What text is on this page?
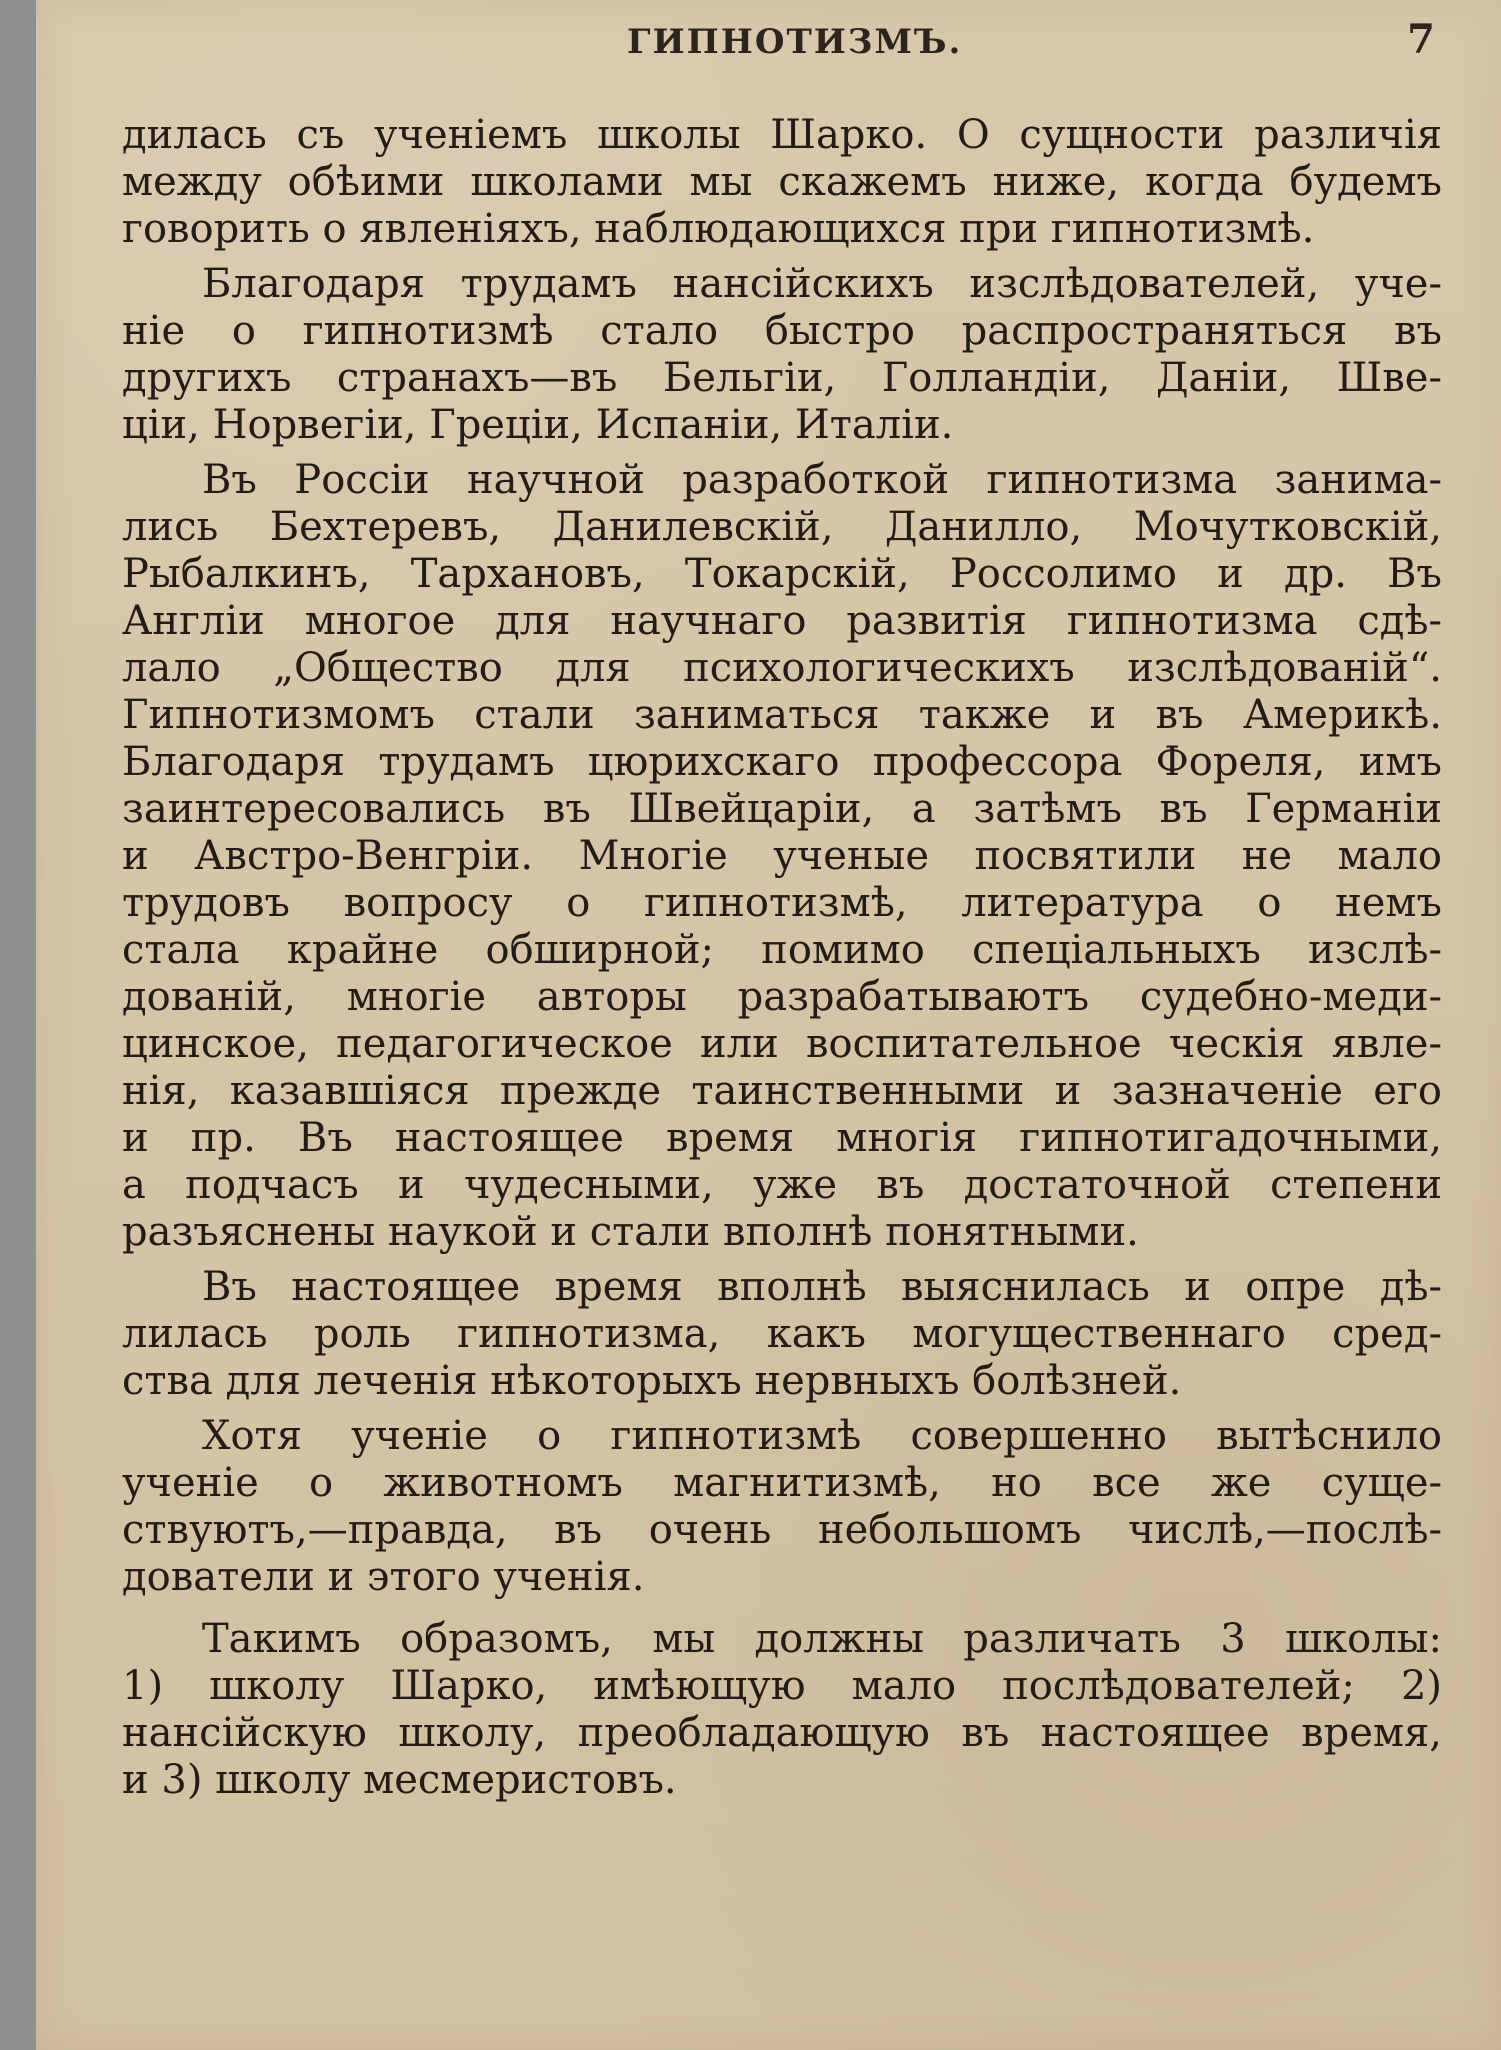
ГИПНОТИЗМЪ.	7
дилась съ ученіемъ школы Шарко. О сущности различія
между обѣими школами мы скажемъ ниже, когда будемъ
говорить о явленіяхъ, наблюдающихся при гипнотизмѣ.
Благодаря трудамъ нансійскихъ изслѣдователей, уче-
ніе о гипнотизмѣ стало быстро распространяться въ
другихъ странахъ—въ Бельгіи, Голландіи, Даніи, Шве-
ціи, Норвегіи, Греціи, Испаніи, Италіи.
Въ Россіи научной разработкой гипнотизма занима-
лись Бехтеревъ, Данилевскій, Данилло, Мочутковскій,
Рыбалкинъ, Тархановъ, Токарскій, Россолимо и др. Въ
Англіи многое для научнаго развитія гипнотизма сдѣ-
лало „Общество для психологическихъ изслѣдованій“.
Гипнотизмомъ стали заниматься также и въ Америкѣ.
Благодаря трудамъ цюрихскаго профессора Фореля, имъ
заинтересовались въ Швейцаріи, а затѣмъ въ Германіи
и Австро-Венгріи. Многіе ученые посвятили не мало
трудовъ вопросу о гипнотизмѣ, литература о немъ
стала крайне обширной; помимо спеціальныхъ изслѣ-
дованій, многіе авторы разрабатываютъ судебно-меди-
цинское, педагогическое или воспитательное ческія явле-
нія, казавшіяся прежде таинственными и зазначеніе его
и пр. Въ настоящее время многія гипнотигадочными,
а подчасъ и чудесными, уже въ достаточной степени
разъяснены наукой и стали вполнѣ понятными.
Въ настоящее время вполнѣ выяснилась и опре дѣ-
лилась роль гипнотизма, какъ могущественнаго сред-
ства для леченія нѣкоторыхъ нервныхъ болѣзней.
Хотя ученіе о гипнотизмѣ совершенно вытѣснило
ученіе о животномъ магнитизмѣ, но все же суще-
ствуютъ,—правда, въ очень небольшомъ числѣ,—послѣ-
дователи и этого ученія.
Такимъ образомъ, мы должны различать 3 школы:
1) школу Шарко, имѣющую мало послѣдователей; 2)
нансійскую школу, преобладающую въ настоящее время,
и 3) школу месмеристовъ.
